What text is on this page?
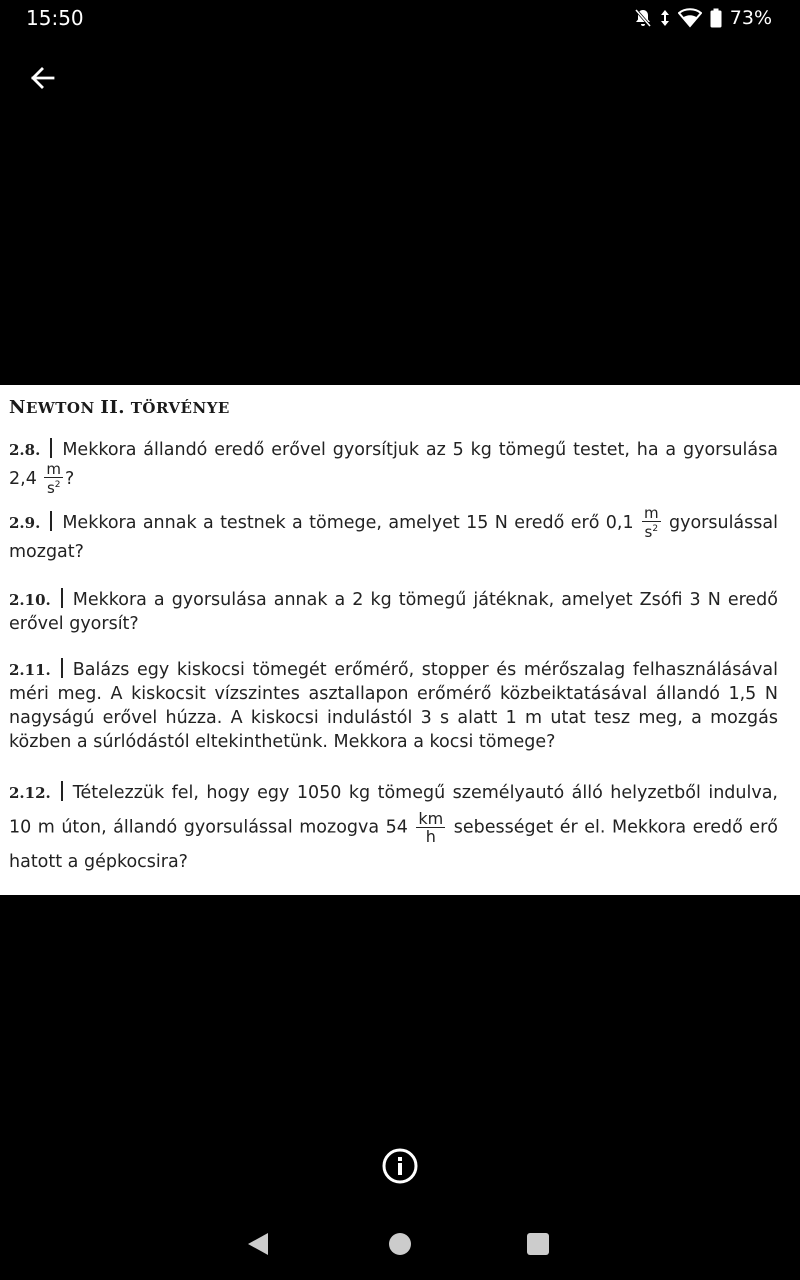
15:50	73%
NEWTON II. TÖRVÉNYE

2.8. Mekkora állandó eredő erővel gyorsítjuk az 5 kg tömegű testet, ha a gyorsulása $2,4 \frac{m}{s^2}$ ?

2.9. Mekkora annak a testnek a tömege, amelyet 15 N eredő erő $0,1 \frac{m}{s^2}$ gyorsulással mozgat?

2.10. Mekkora a gyorsulása annak a 2 kg tömegű játéknak, amelyet Zsófi 3 N eredő erővel gyorsít?

2.11. Balázs egy kiskocsi tömegét erőmérő, stopper és mérőszalag felhasználásával méri meg. A kiskocsit vízszintes asztallapon erőmérő közbeiktatásával állandó 1,5 N nagyságú erővel húzza. A kiskocsi indulástól 3 s alatt 1 m utat tesz meg, a mozgás közben a súrlódástól eltekinthetünk. Mekkora a kocsi tömege?

2.12. Tételezzük fel, hogy egy 1050 kg tömegű személyautó álló helyzetből indulva, 10 m úton, állandó gyorsulással mozogva $54 \frac{km}{h}$ sebességet ér el. Mekkora eredő erő hatott a gépkocsira?
